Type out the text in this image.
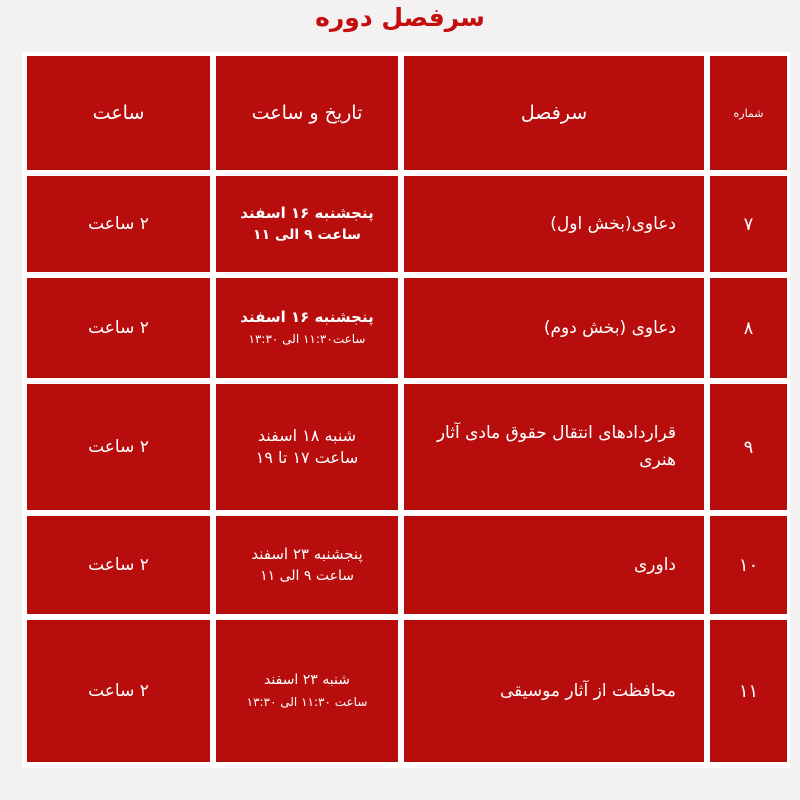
سرفصل دوره
شماره
سرفصل
تاریخ و ساعت
ساعت
۷
دعاوی(بخش اول)
پنجشنبه ۱۶ اسفند
ساعت ۹ الی ۱۱
۲ ساعت
۸
دعاوی (بخش دوم)
پنجشنبه ۱۶ اسفند
ساعت۱۱:۳۰ الی ۱۳:۳۰
۲ ساعت
۹
قراردادهای انتقال حقوق مادی آثار هنری
شنبه ۱۸ اسفند
ساعت ۱۷ تا ۱۹
۲ ساعت
۱۰
داوری
پنجشنبه ۲۳ اسفند
ساعت ۹ الی ۱۱
۲ ساعت
۱۱
محافظت از آثار موسیقی
شنبه ۲۳ اسفند
ساعت ۱۱:۳۰ الی ۱۳:۳۰
۲ ساعت
